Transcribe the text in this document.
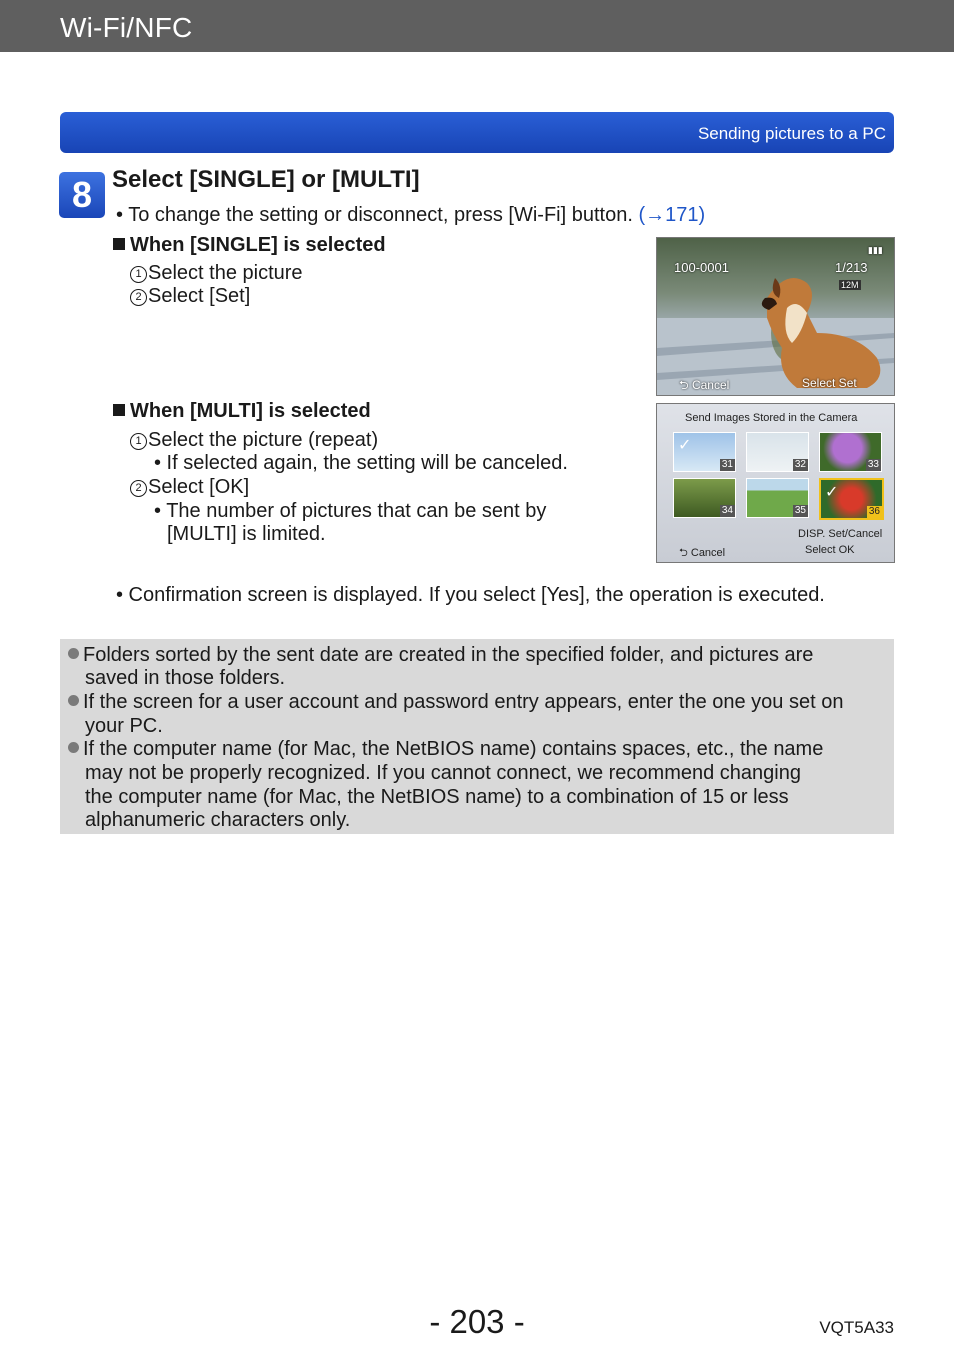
Wi-Fi/NFC
Sending pictures to a PC
8 Select [SINGLE] or [MULTI]
• To change the setting or disconnect, press [Wi-Fi] button. (→171)
When [SINGLE] is selected
1 Select the picture
2 Select [Set]
100-0001	1/213
12M
▮▮▮
⮌ Cancel	Select Set
When [MULTI] is selected
1 Select the picture (repeat)
• If selected again, the setting will be canceled.
2 Select [OK]
• The number of pictures that can be sent by
[MULTI] is limited.
Send Images Stored in the Camera
✓
31	32	33
34	35
✓
36
DISP. Set/Cancel
⮌ Cancel	Select OK
• Confirmation screen is displayed. If you select [Yes], the operation is executed.
Folders sorted by the sent date are created in the specified folder, and pictures are
saved in those folders.
If the screen for a user account and password entry appears, enter the one you set on
your PC.
If the computer name (for Mac, the NetBIOS name) contains spaces, etc., the name
may not be properly recognized. If you cannot connect, we recommend changing
the computer name (for Mac, the NetBIOS name) to a combination of 15 or less
alphanumeric characters only.
- 203 -	VQT5A33
